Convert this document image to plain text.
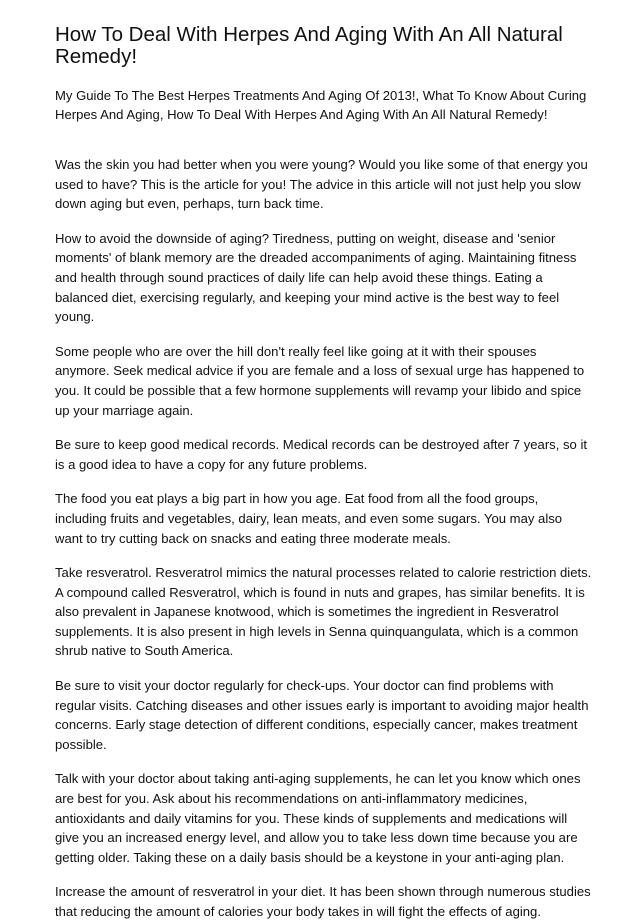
How To Deal With Herpes And Aging With An All Natural Remedy!

My Guide To The Best Herpes Treatments And Aging Of 2013!, What To Know About Curing Herpes And Aging, How To Deal With Herpes And Aging With An All Natural Remedy!

Was the skin you had better when you were young? Would you like some of that energy you used to have? This is the article for you! The advice in this article will not just help you slow down aging but even, perhaps, turn back time.

How to avoid the downside of aging? Tiredness, putting on weight, disease and 'senior moments' of blank memory are the dreaded accompaniments of aging. Maintaining fitness and health through sound practices of daily life can help avoid these things. Eating a balanced diet, exercising regularly, and keeping your mind active is the best way to feel young.

Some people who are over the hill don't really feel like going at it with their spouses anymore. Seek medical advice if you are female and a loss of sexual urge has happened to you. It could be possible that a few hormone supplements will revamp your libido and spice up your marriage again.

Be sure to keep good medical records. Medical records can be destroyed after 7 years, so it is a good idea to have a copy for any future problems.

The food you eat plays a big part in how you age. Eat food from all the food groups, including fruits and vegetables, dairy, lean meats, and even some sugars. You may also want to try cutting back on snacks and eating three moderate meals.

Take resveratrol. Resveratrol mimics the natural processes related to calorie restriction diets. A compound called Resveratrol, which is found in nuts and grapes, has similar benefits. It is also prevalent in Japanese knotwood, which is sometimes the ingredient in Resveratrol supplements. It is also present in high levels in Senna quinquangulata, which is a common shrub native to South America.

Be sure to visit your doctor regularly for check-ups. Your doctor can find problems with regular visits. Catching diseases and other issues early is important to avoiding major health concerns. Early stage detection of different conditions, especially cancer, makes treatment possible.

Talk with your doctor about taking anti-aging supplements, he can let you know which ones are best for you. Ask about his recommendations on anti-inflammatory medicines, antioxidants and daily vitamins for you. These kinds of supplements and medications will give you an increased energy level, and allow you to take less down time because you are getting older. Taking these on a daily basis should be a keystone in your anti-aging plan.

Increase the amount of resveratrol in your diet. It has been shown through numerous studies that reducing the amount of calories your body takes in will fight the effects of aging.
